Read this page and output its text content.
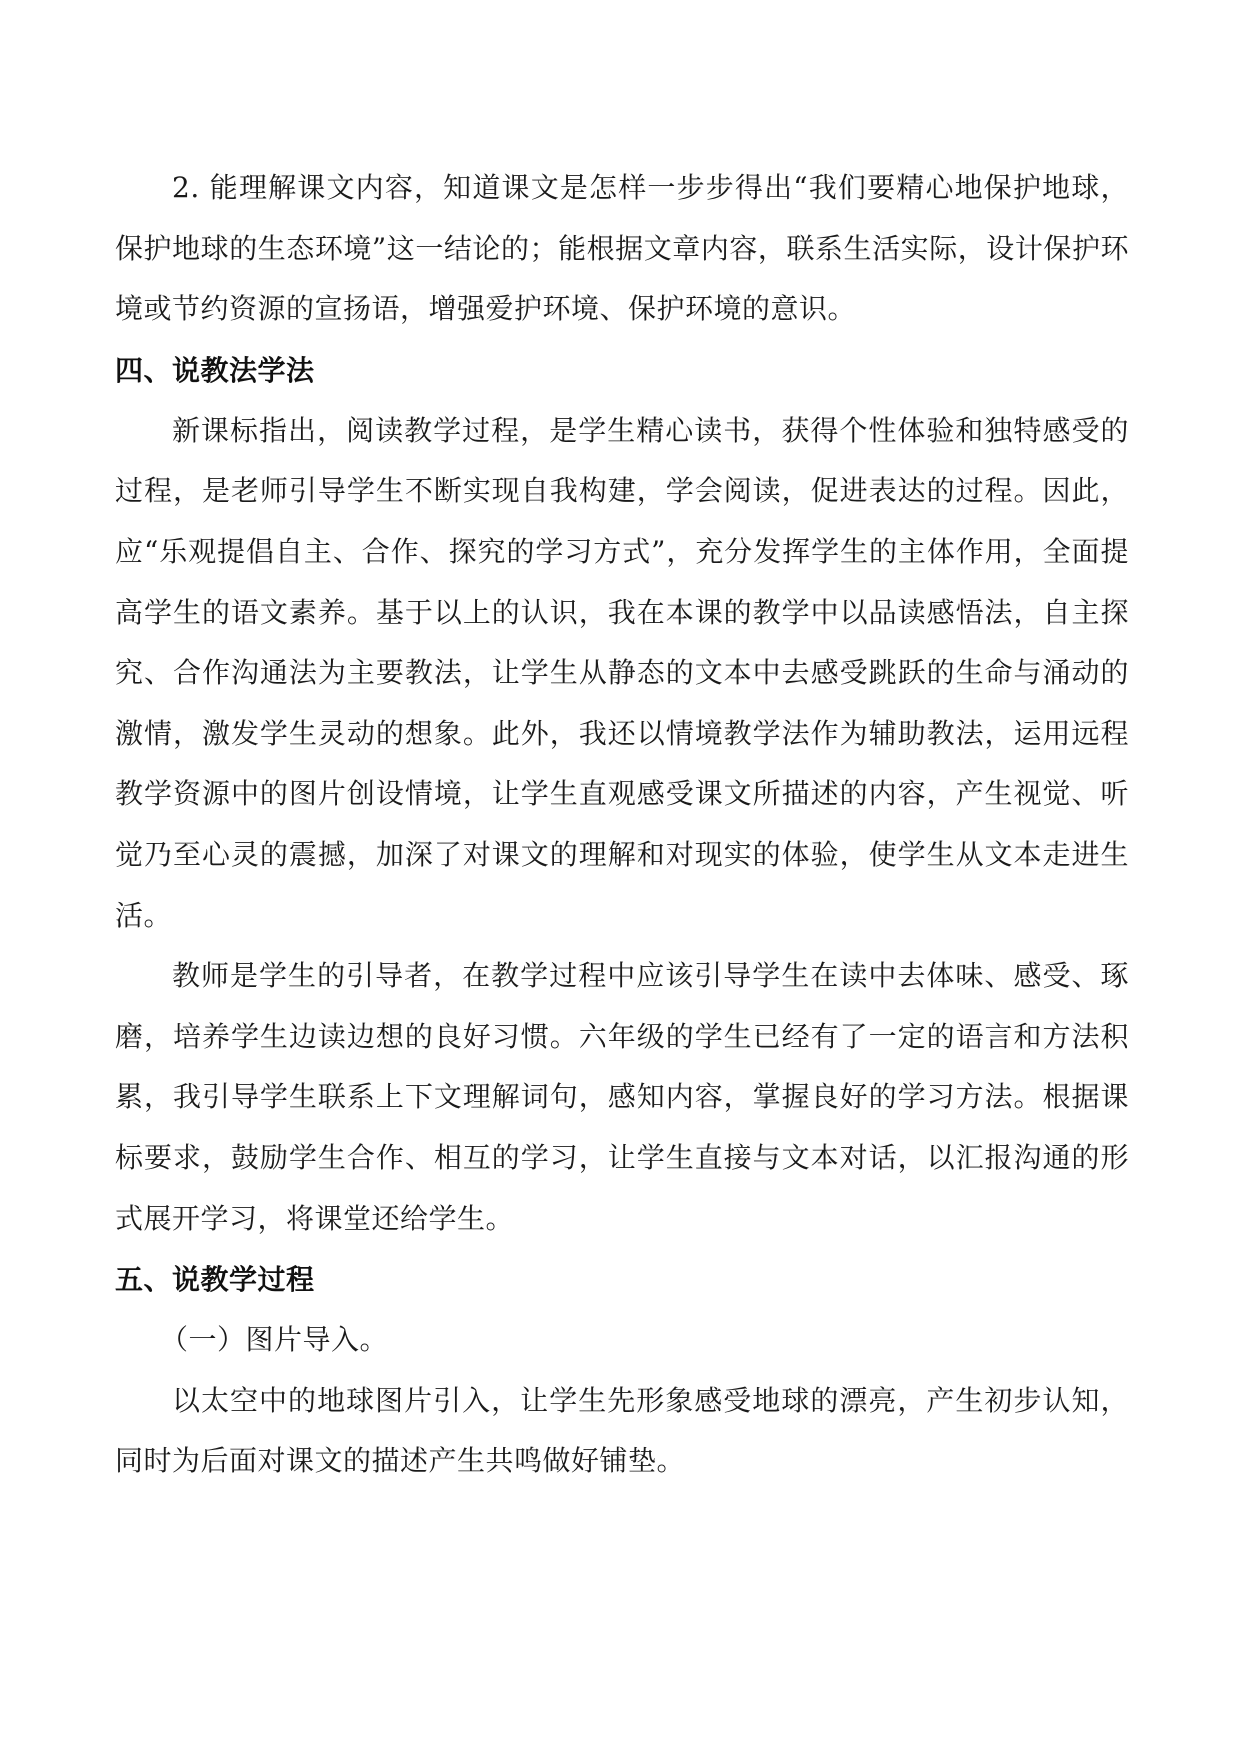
2. 能理解课文内容，知道课文是怎样一步步得出“我们要精心地保护地球，保护地球的生态环境”这一结论的；能根据文章内容，联系生活实际，设计保护环境或节约资源的宣扬语，增强爱护环境、保护环境的意识。

四、说教法学法

新课标指出，阅读教学过程，是学生精心读书，获得个性体验和独特感受的过程，是老师引导学生不断实现自我构建，学会阅读，促进表达的过程。因此，应“乐观提倡自主、合作、探究的学习方式”，充分发挥学生的主体作用，全面提高学生的语文素养。基于以上的认识，我在本课的教学中以品读感悟法，自主探究、合作沟通法为主要教法，让学生从静态的文本中去感受跳跃的生命与涌动的激情，激发学生灵动的想象。此外，我还以情境教学法作为辅助教法，运用远程教学资源中的图片创设情境，让学生直观感受课文所描述的内容，产生视觉、听觉乃至心灵的震撼，加深了对课文的理解和对现实的体验，使学生从文本走进生活。

教师是学生的引导者，在教学过程中应该引导学生在读中去体味、感受、琢磨，培养学生边读边想的良好习惯。六年级的学生已经有了一定的语言和方法积累，我引导学生联系上下文理解词句，感知内容，掌握良好的学习方法。根据课标要求，鼓励学生合作、相互的学习，让学生直接与文本对话，以汇报沟通的形式展开学习，将课堂还给学生。

五、说教学过程

（一）图片导入。

以太空中的地球图片引入，让学生先形象感受地球的漂亮，产生初步认知，同时为后面对课文的描述产生共鸣做好铺垫。
